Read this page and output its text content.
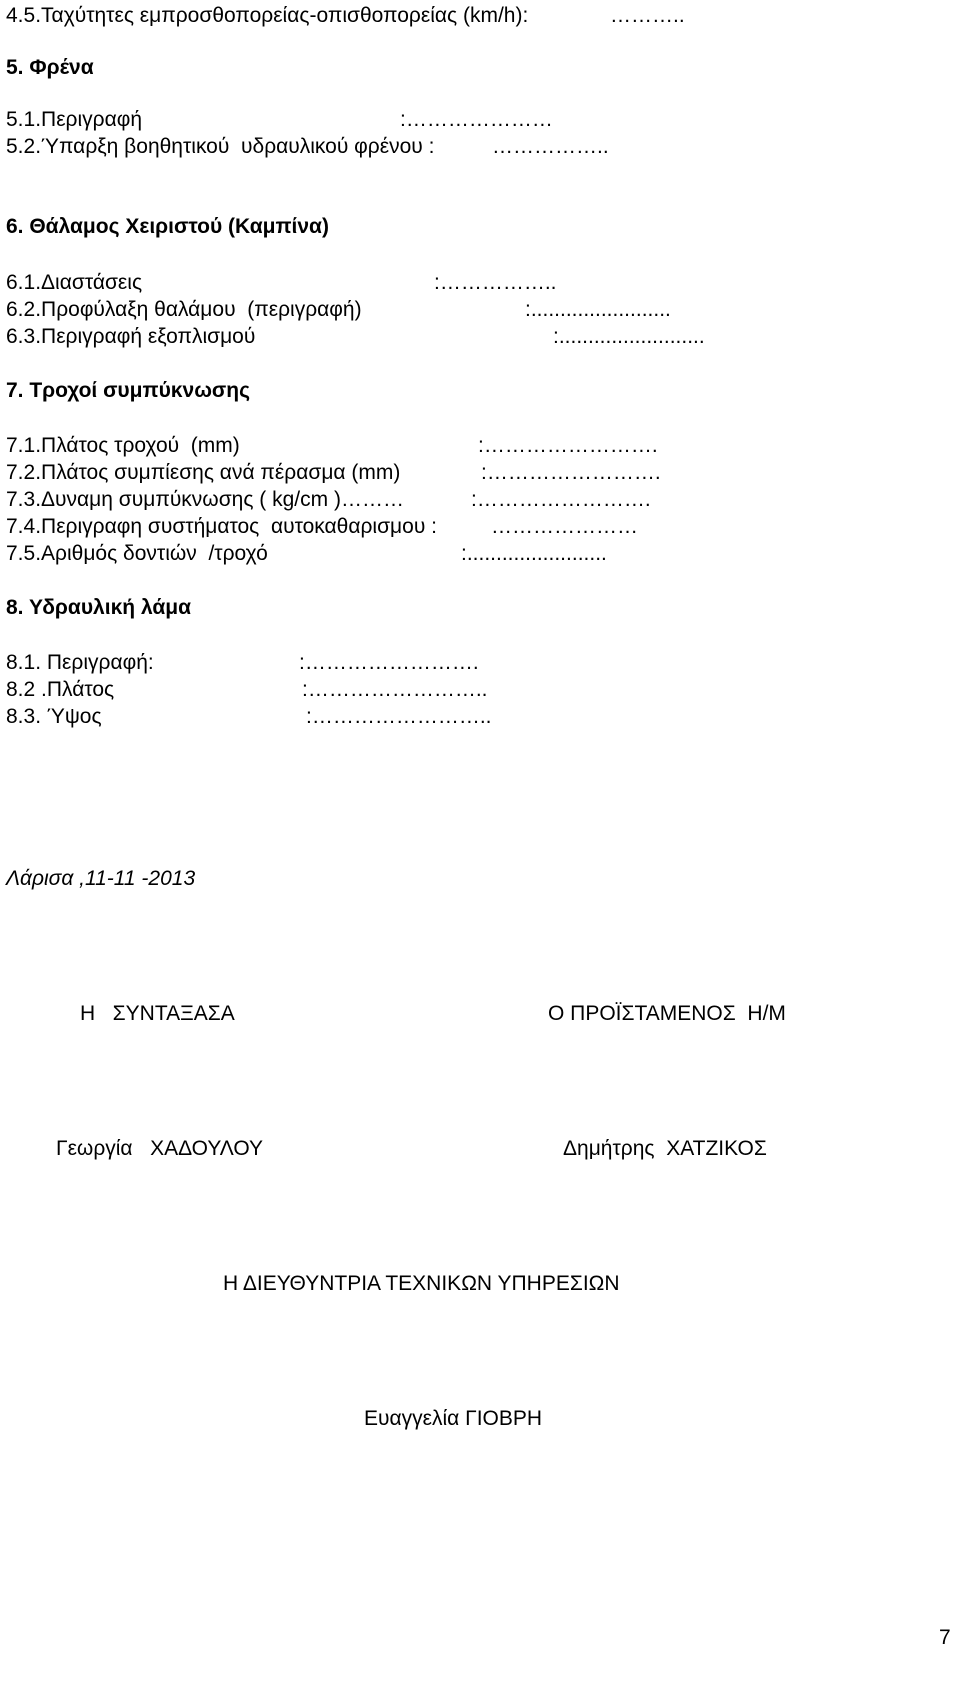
4.5.Ταχύτητες εμπροσθοπορείας-οπισθοπορείας (km/h):	………..
5. Φρένα
5.1.Περιγραφή	:…………………
5.2.Ύπαρξη βοηθητικού  υδραυλικού φρένου :	……………..
6. Θάλαμος Χειριστού (Καμπίνα)
6.1.Διαστάσεις	:……………..
6.2.Προφύλαξη θαλάμου  (περιγραφή)	:........................
6.3.Περιγραφή εξοπλισμού	:.........................
7. Τροχοί συμπύκνωσης
7.1.Πλάτος τροχού  (mm)	:…………………….
7.2.Πλάτος συμπίεσης ανά πέρασμα (mm)	:…………………….
7.3.Δυναμη συμπύκνωσης ( kg/cm )………	:…………………….
7.4.Περιγραφη συστήματος  αυτοκαθαρισμου :	…………………
7.5.Αριθμός δοντιών  /τροχό	:........................
8. Υδραυλική λάμα
8.1. Περιγραφή:	:…………………….
8.2 .Πλάτος	:……………………..
8.3. Ύψος	:……………………..
Λάρισα ,11-11 -2013
Η   ΣΥΝΤΑΞΑΣΑ	Ο ΠΡΟΪΣΤΑΜΕΝΟΣ  Η/Μ
Γεωργία   ΧΑΔΟΥΛΟΥ	Δημήτρης  ΧΑΤΖΙΚΟΣ
Η ΔΙΕΥΘΥΝΤΡΙΑ ΤΕΧΝΙΚΩΝ ΥΠΗΡΕΣΙΩΝ
Ευαγγελία ΓΙΟΒΡΗ
7
